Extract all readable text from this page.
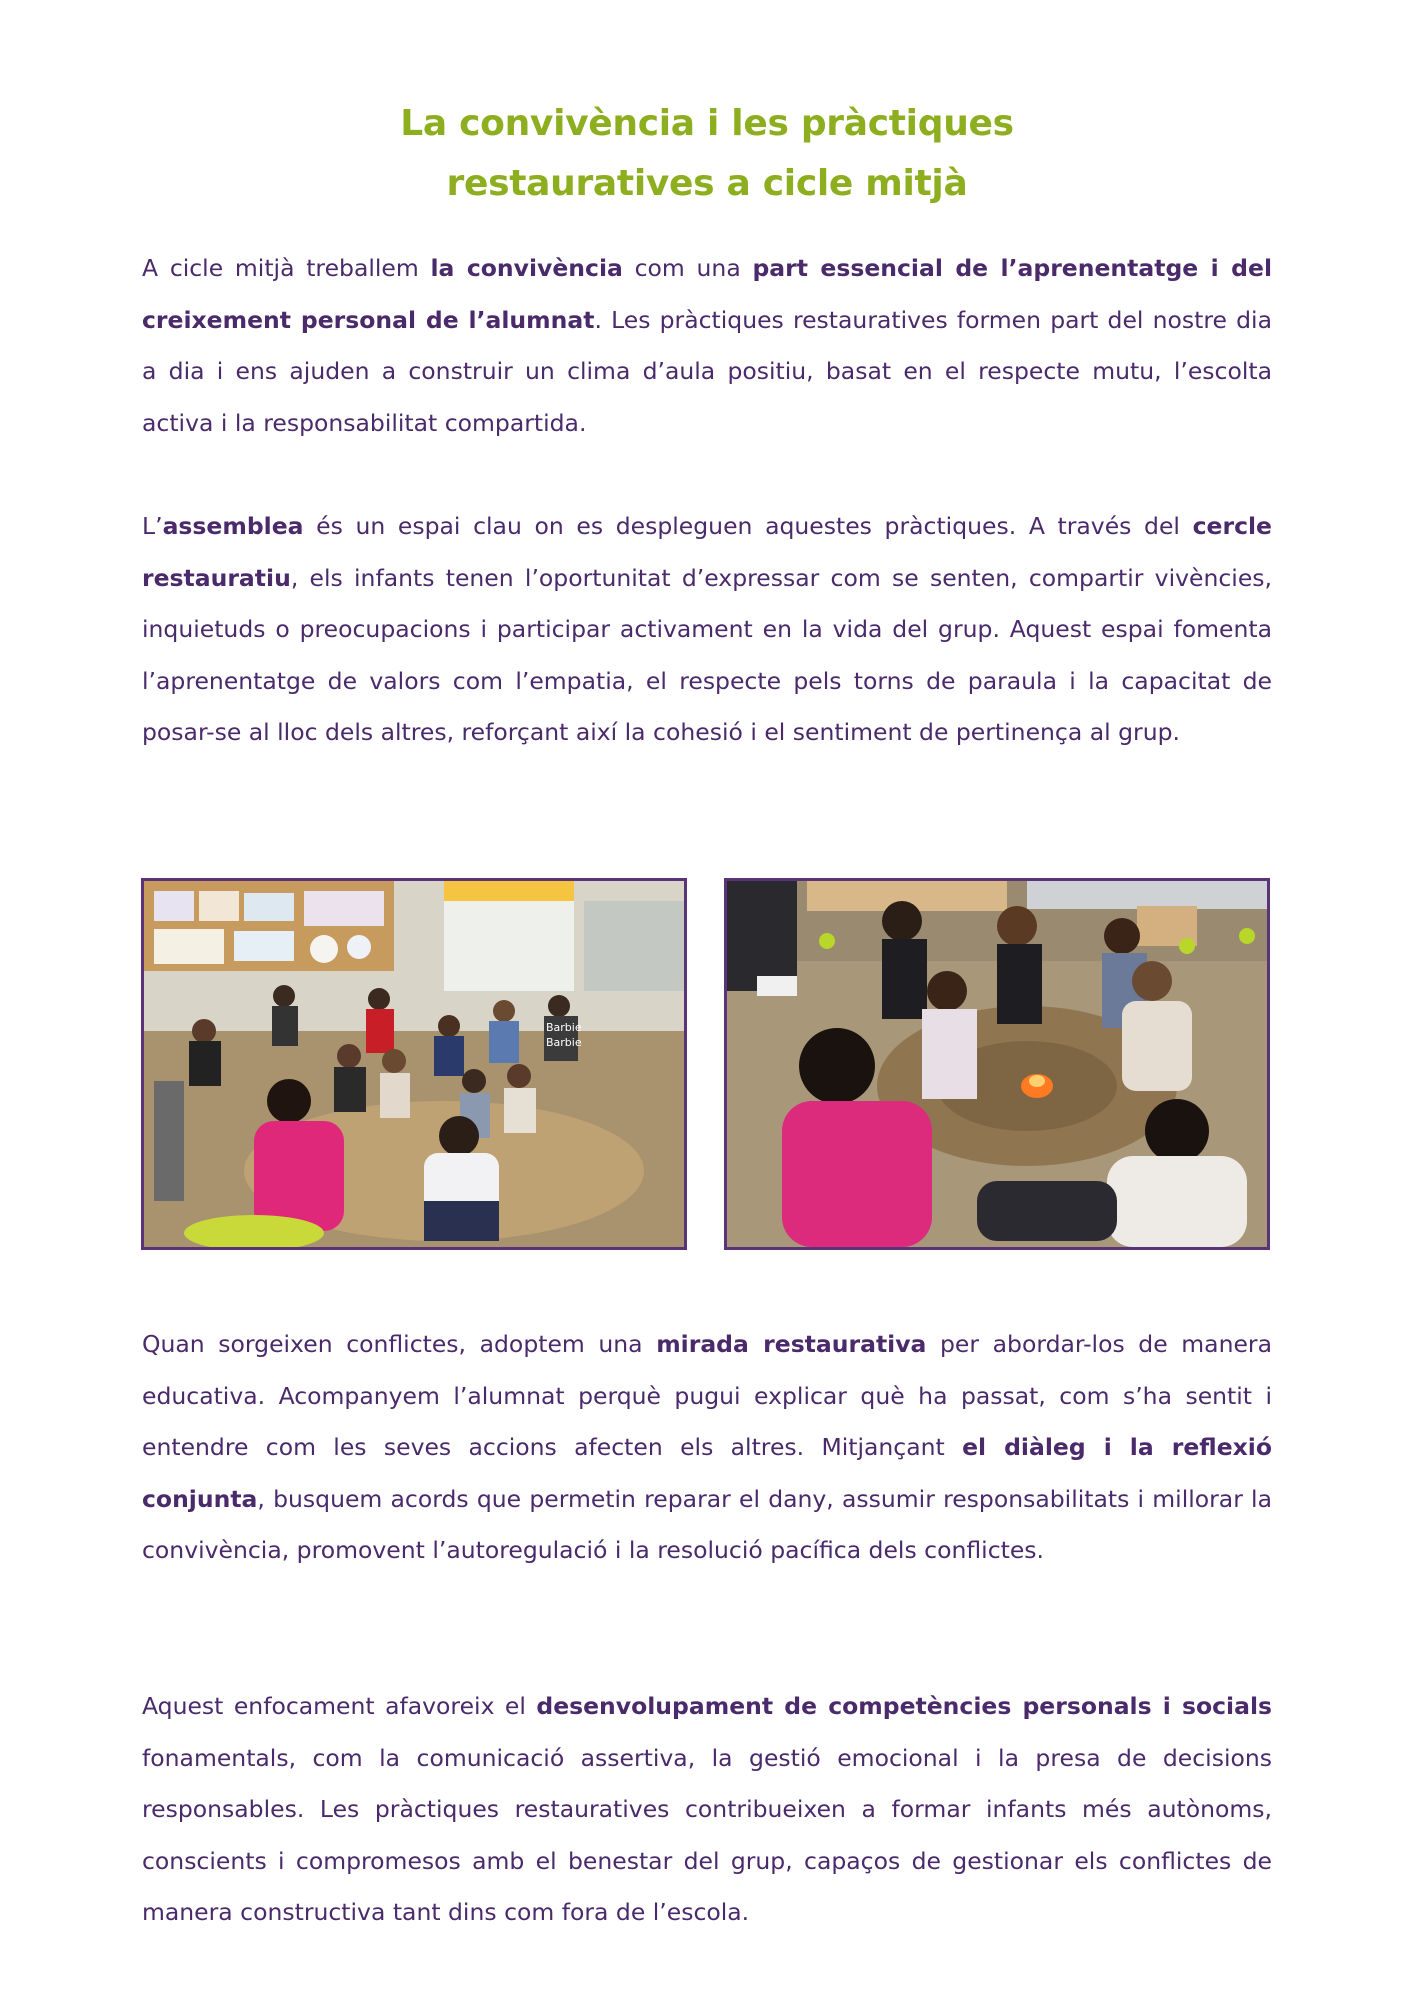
La convivència i les pràctiques
restauratives a cicle mitjà

A cicle mitjà treballem la convivència com una part essencial de l’aprenentatge i del creixement personal de l’alumnat. Les pràctiques restauratives formen part del nostre dia a dia i ens ajuden a construir un clima d’aula positiu, basat en el respecte mutu, l’escolta activa i la responsabilitat compartida.

L’assemblea és un espai clau on es despleguen aquestes pràctiques. A través del cercle restauratiu, els infants tenen l’oportunitat d’expressar com se senten, compartir vivències, inquietuds o preocupacions i participar activament en la vida del grup. Aquest espai fomenta l’aprenentatge de valors com l’empatia, el respecte pels torns de paraula i la capacitat de posar-se al lloc dels altres, reforçant així la cohesió i el sentiment de pertinença al grup.

Barbie
Barbie

Quan sorgeixen conflictes, adoptem una mirada restaurativa per abordar-los de manera educativa. Acompanyem l’alumnat perquè pugui explicar què ha passat, com s’ha sentit i entendre com les seves accions afecten els altres. Mitjançant el diàleg i la reflexió conjunta, busquem acords que permetin reparar el dany, assumir responsabilitats i millorar la convivència, promovent l’autoregulació i la resolució pacífica dels conflictes.

Aquest enfocament afavoreix el desenvolupament de competències personals i socials fonamentals, com la comunicació assertiva, la gestió emocional i la presa de decisions responsables. Les pràctiques restauratives contribueixen a formar infants més autònoms, conscients i compromesos amb el benestar del grup, capaços de gestionar els conflictes de manera constructiva tant dins com fora de l’escola.
